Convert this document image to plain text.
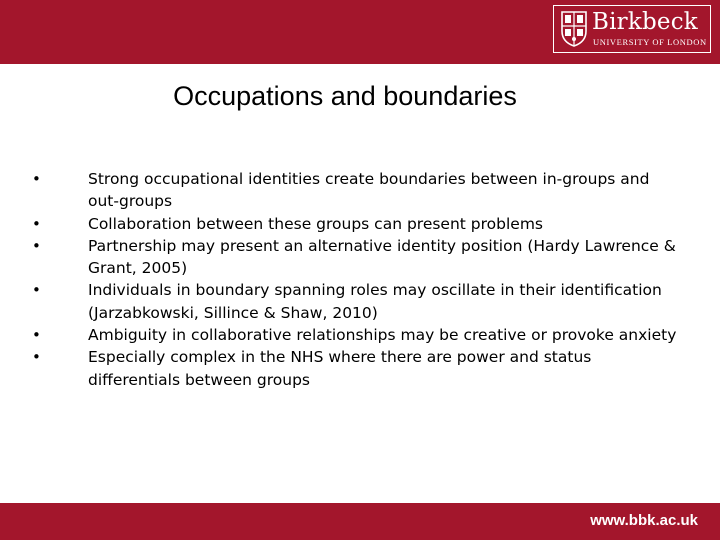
Birkbeck
UNIVERSITY OF LONDON
Occupations and boundaries
•	Strong occupational identities create boundaries between in-groups and out-groups
•	Collaboration between these groups can present problems
•	Partnership may present an alternative identity position (Hardy Lawrence & Grant, 2005)
•	Individuals in boundary spanning roles may oscillate in their identification (Jarzabkowski, Sillince & Shaw, 2010)
•	Ambiguity in collaborative relationships may be creative or provoke anxiety
•	Especially complex in the NHS where there are power and status differentials between groups
www.bbk.ac.uk
